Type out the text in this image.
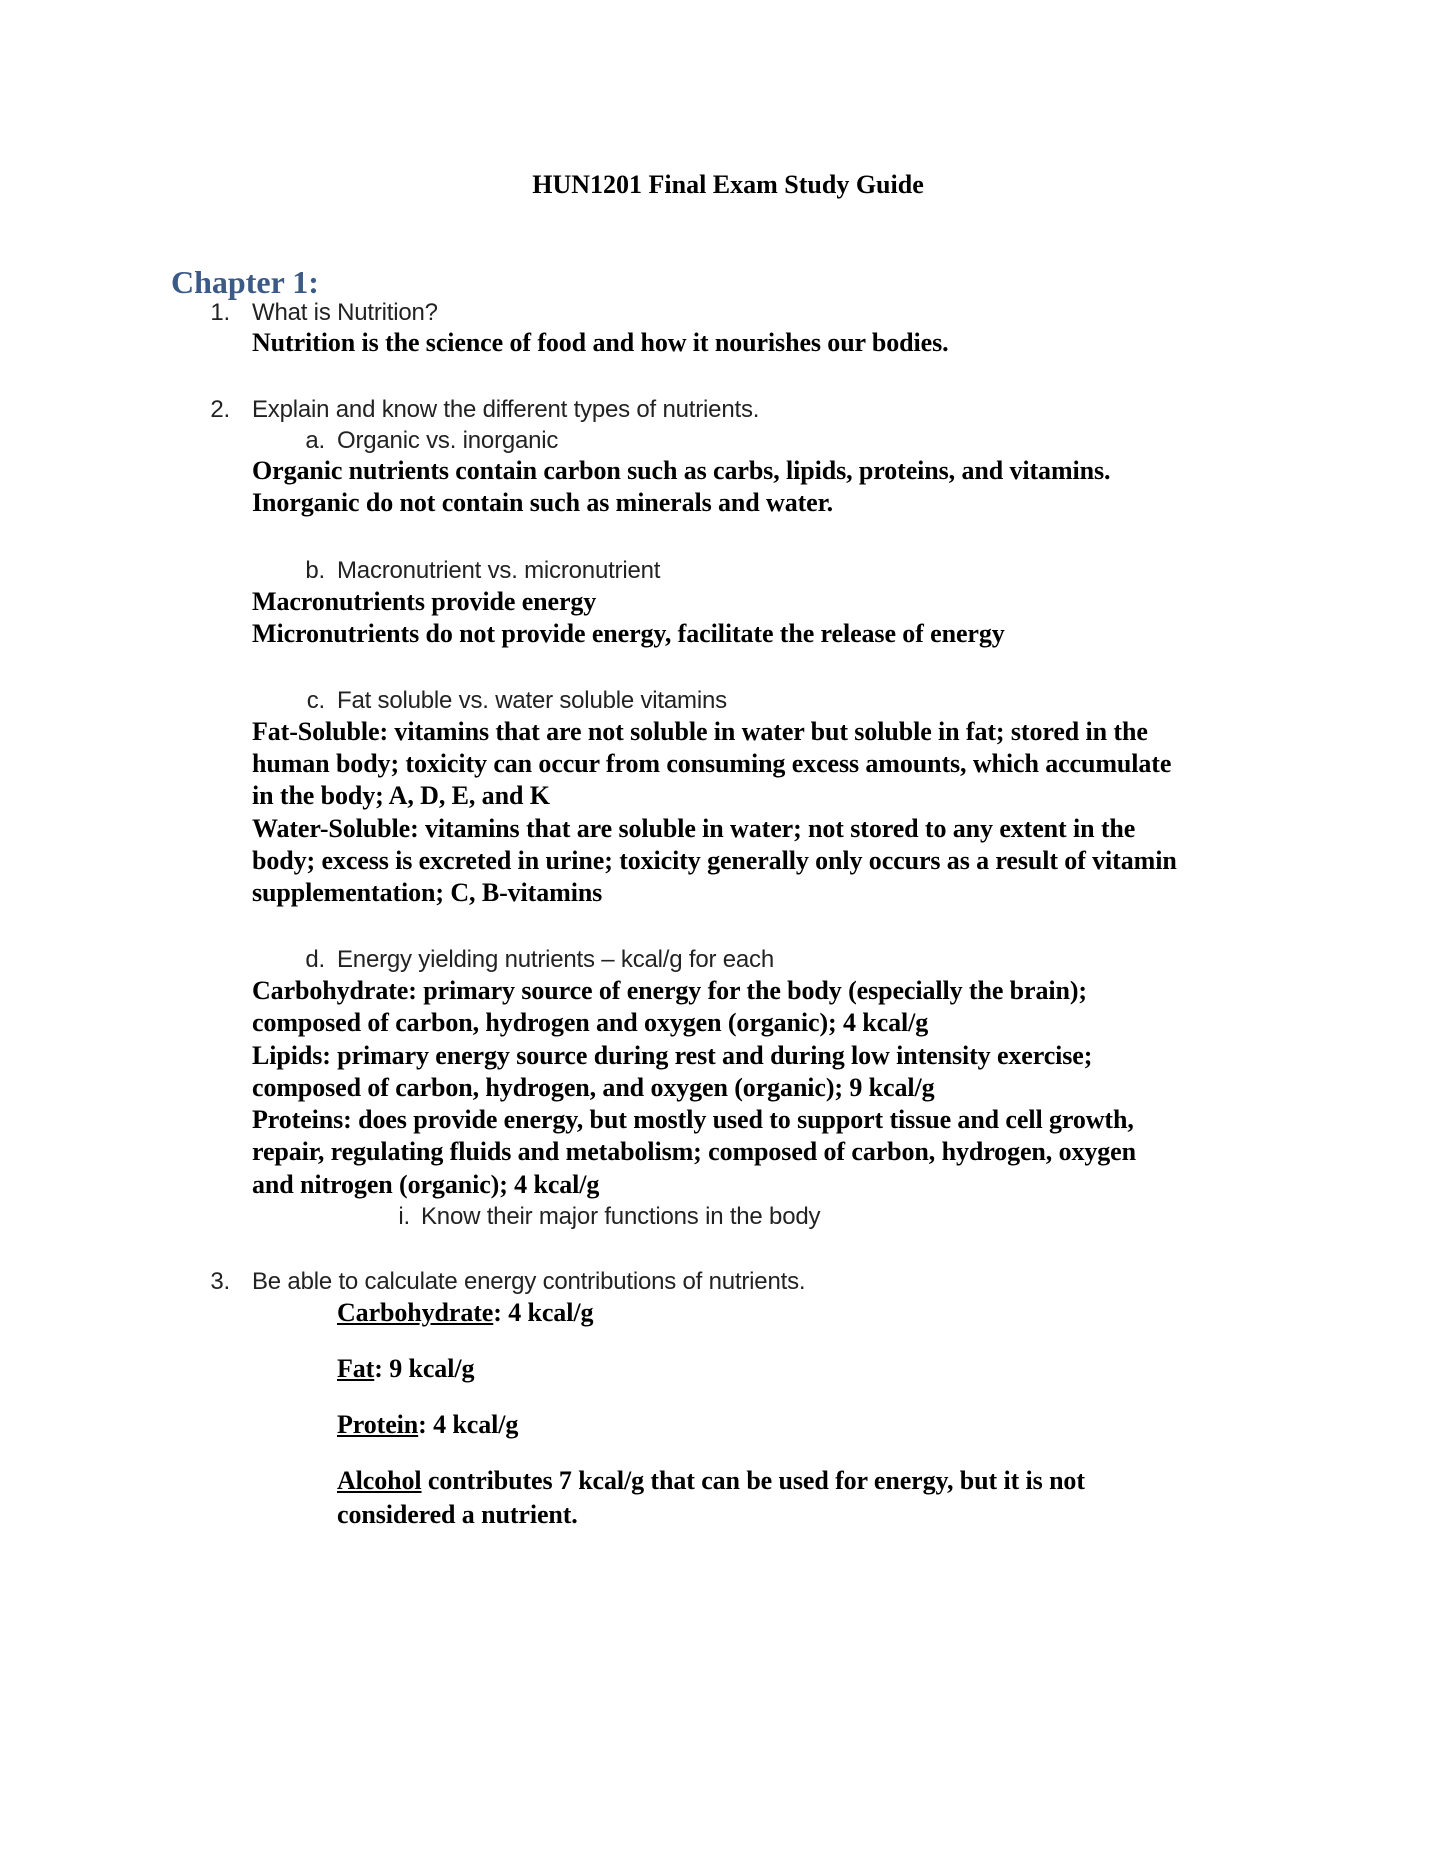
HUN1201 Final Exam Study Guide
Chapter 1:
1. What is Nutrition?
Nutrition is the science of food and how it nourishes our bodies.
2. Explain and know the different types of nutrients.
a. Organic vs. inorganic
Organic nutrients contain carbon such as carbs, lipids, proteins, and vitamins.
Inorganic do not contain such as minerals and water.
b. Macronutrient vs. micronutrient
Macronutrients provide energy
Micronutrients do not provide energy, facilitate the release of energy
c. Fat soluble vs. water soluble vitamins
Fat-Soluble: vitamins that are not soluble in water but soluble in fat; stored in the
human body; toxicity can occur from consuming excess amounts, which accumulate
in the body; A, D, E, and K
Water-Soluble: vitamins that are soluble in water; not stored to any extent in the
body; excess is excreted in urine; toxicity generally only occurs as a result of vitamin
supplementation; C, B-vitamins
d. Energy yielding nutrients – kcal/g for each
Carbohydrate: primary source of energy for the body (especially the brain);
composed of carbon, hydrogen and oxygen (organic); 4 kcal/g
Lipids: primary energy source during rest and during low intensity exercise;
composed of carbon, hydrogen, and oxygen (organic); 9 kcal/g
Proteins: does provide energy, but mostly used to support tissue and cell growth,
repair, regulating fluids and metabolism; composed of carbon, hydrogen, oxygen
and nitrogen (organic); 4 kcal/g
i. Know their major functions in the body
3. Be able to calculate energy contributions of nutrients.
Carbohydrate: 4 kcal/g
Fat: 9 kcal/g
Protein: 4 kcal/g
Alcohol contributes 7 kcal/g that can be used for energy, but it is not
considered a nutrient.
